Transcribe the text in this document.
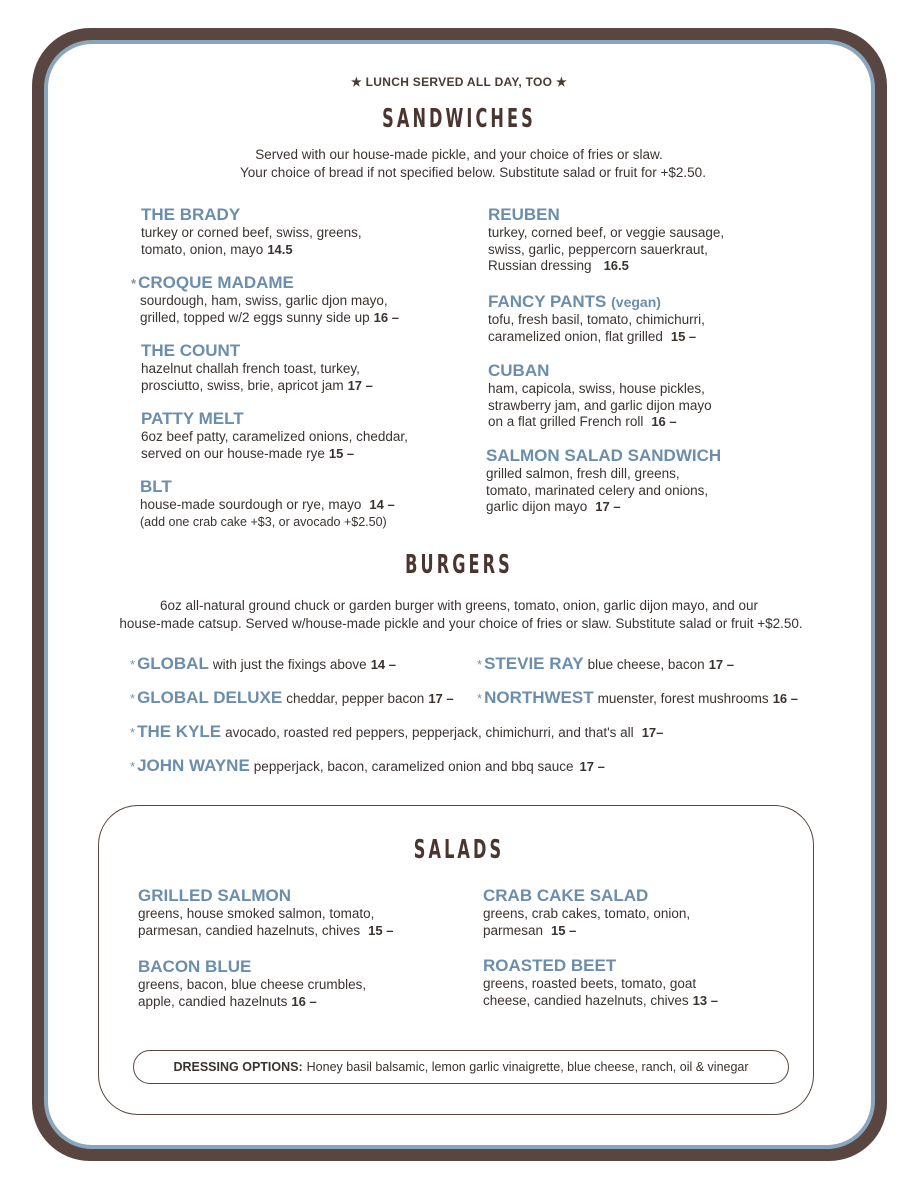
★ LUNCH SERVED ALL DAY, TOO ★
SANDWICHES
Served with our house-made pickle, and your choice of fries or slaw.
Your choice of bread if not specified below. Substitute salad or fruit for +$2.50.
THE BRADY
turkey or corned beef, swiss, greens,
tomato, onion, mayo 14.5
* CROQUE MADAME
sourdough, ham, swiss, garlic djon mayo,
grilled, topped w/2 eggs sunny side up 16 –
THE COUNT
hazelnut challah french toast, turkey,
prosciutto, swiss, brie, apricot jam 17 –
PATTY MELT
6oz beef patty, caramelized onions, cheddar,
served on our house-made rye 15 –
BLT
house-made sourdough or rye, mayo 14 –
(add one crab cake +$3, or avocado +$2.50)
REUBEN
turkey, corned beef, or veggie sausage,
swiss, garlic, peppercorn sauerkraut,
Russian dressing 16.5
FANCY PANTS (vegan)
tofu, fresh basil, tomato, chimichurri,
caramelized onion, flat grilled 15 –
CUBAN
ham, capicola, swiss, house pickles,
strawberry jam, and garlic dijon mayo
on a flat grilled French roll 16 –
SALMON SALAD SANDWICH
grilled salmon, fresh dill, greens,
tomato, marinated celery and onions,
garlic dijon mayo 17 –
BURGERS
6oz all-natural ground chuck or garden burger with greens, tomato, onion, garlic dijon mayo, and our
house-made catsup. Served w/house-made pickle and your choice of fries or slaw. Substitute salad or fruit +$2.50.
* GLOBAL with just the fixings above 14 –	* STEVIE RAY blue cheese, bacon 17 –
* GLOBAL DELUXE cheddar, pepper bacon 17 – * NORTHWEST muenster, forest mushrooms 16 –
* THE KYLE avocado, roasted red peppers, pepperjack, chimichurri, and that's all 17–
* JOHN WAYNE pepperjack, bacon, caramelized onion and bbq sauce 17 –
SALADS
GRILLED SALMON
greens, house smoked salmon, tomato,
parmesan, candied hazelnuts, chives 15 –
BACON BLUE
greens, bacon, blue cheese crumbles,
apple, candied hazelnuts 16 –
CRAB CAKE SALAD
greens, crab cakes, tomato, onion,
parmesan 15 –
ROASTED BEET
greens, roasted beets, tomato, goat
cheese, candied hazelnuts, chives 13 –
DRESSING OPTIONS: Honey basil balsamic, lemon garlic vinaigrette, blue cheese, ranch, oil & vinegar
